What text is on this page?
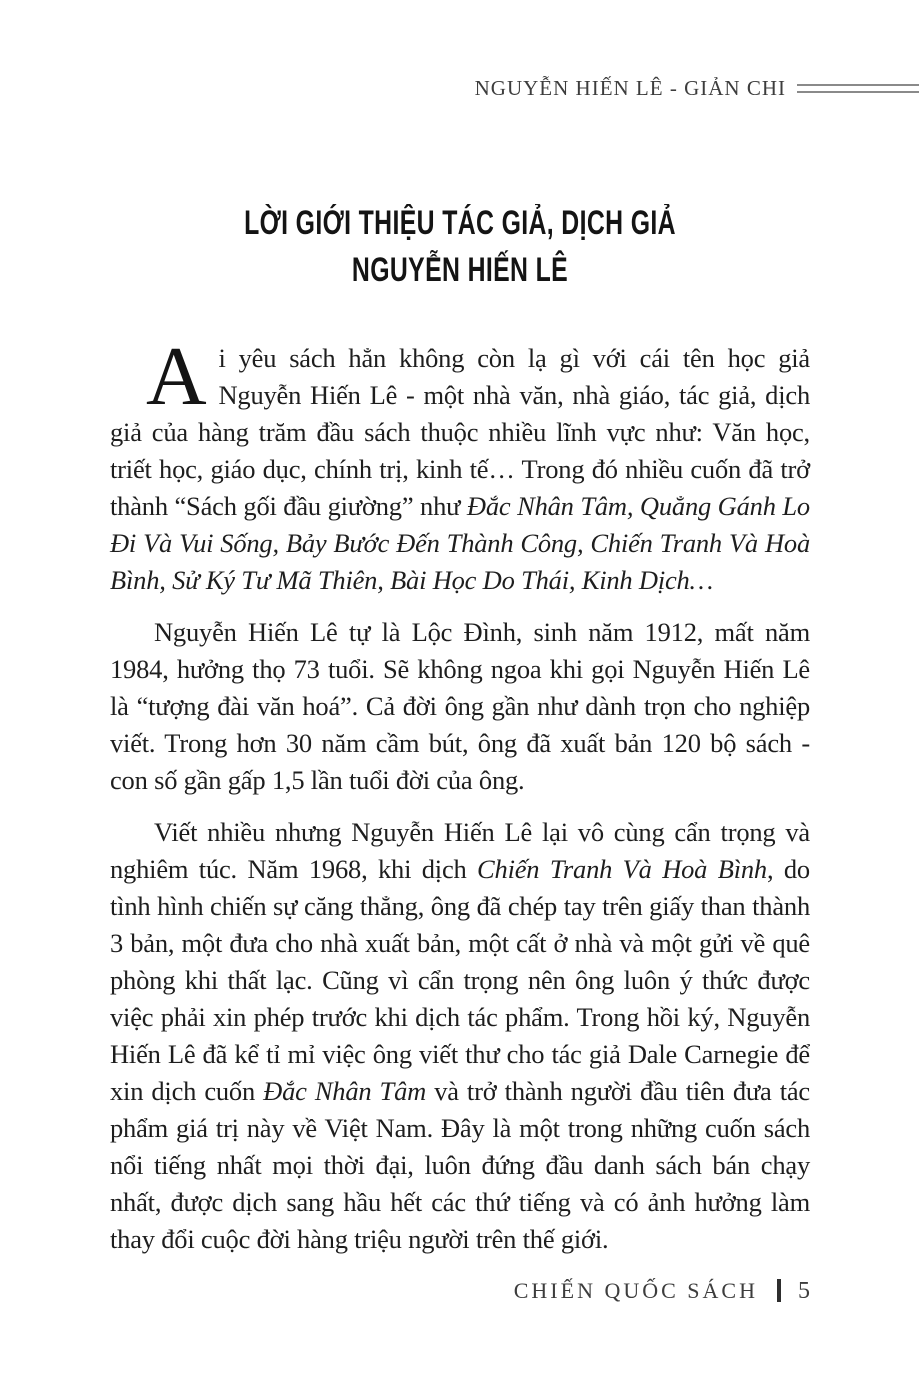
NGUYỄN HIẾN LÊ - GIẢN CHI
LỜI GIỚI THIỆU TÁC GIẢ, DỊCH GIẢ
NGUYỄN HIẾN LÊ

Ai yêu sách hẳn không còn lạ gì với cái tên học giả Nguyễn Hiến Lê - một nhà văn, nhà giáo, tác giả, dịch giả của hàng trăm đầu sách thuộc nhiều lĩnh vực như: Văn học, triết học, giáo dục, chính trị, kinh tế… Trong đó nhiều cuốn đã trở thành “Sách gối đầu giường” như Đắc Nhân Tâm, Quẳng Gánh Lo Đi Và Vui Sống, Bảy Bước Đến Thành Công, Chiến Tranh Và Hoà Bình, Sử Ký Tư Mã Thiên, Bài Học Do Thái, Kinh Dịch…

Nguyễn Hiến Lê tự là Lộc Đình, sinh năm 1912, mất năm 1984, hưởng thọ 73 tuổi. Sẽ không ngoa khi gọi Nguyễn Hiến Lê là “tượng đài văn hoá”. Cả đời ông gần như dành trọn cho nghiệp viết. Trong hơn 30 năm cầm bút, ông đã xuất bản 120 bộ sách - con số gần gấp 1,5 lần tuổi đời của ông.

Viết nhiều nhưng Nguyễn Hiến Lê lại vô cùng cẩn trọng và nghiêm túc. Năm 1968, khi dịch Chiến Tranh Và Hoà Bình, do tình hình chiến sự căng thẳng, ông đã chép tay trên giấy than thành 3 bản, một đưa cho nhà xuất bản, một cất ở nhà và một gửi về quê phòng khi thất lạc. Cũng vì cẩn trọng nên ông luôn ý thức được việc phải xin phép trước khi dịch tác phẩm. Trong hồi ký, Nguyễn Hiến Lê đã kể tỉ mỉ việc ông viết thư cho tác giả Dale Carnegie để xin dịch cuốn Đắc Nhân Tâm và trở thành người đầu tiên đưa tác phẩm giá trị này về Việt Nam. Đây là một trong những cuốn sách nổi tiếng nhất mọi thời đại, luôn đứng đầu danh sách bán chạy nhất, được dịch sang hầu hết các thứ tiếng và có ảnh hưởng làm thay đổi cuộc đời hàng triệu người trên thế giới.

CHIẾN QUỐC SÁCH 5
